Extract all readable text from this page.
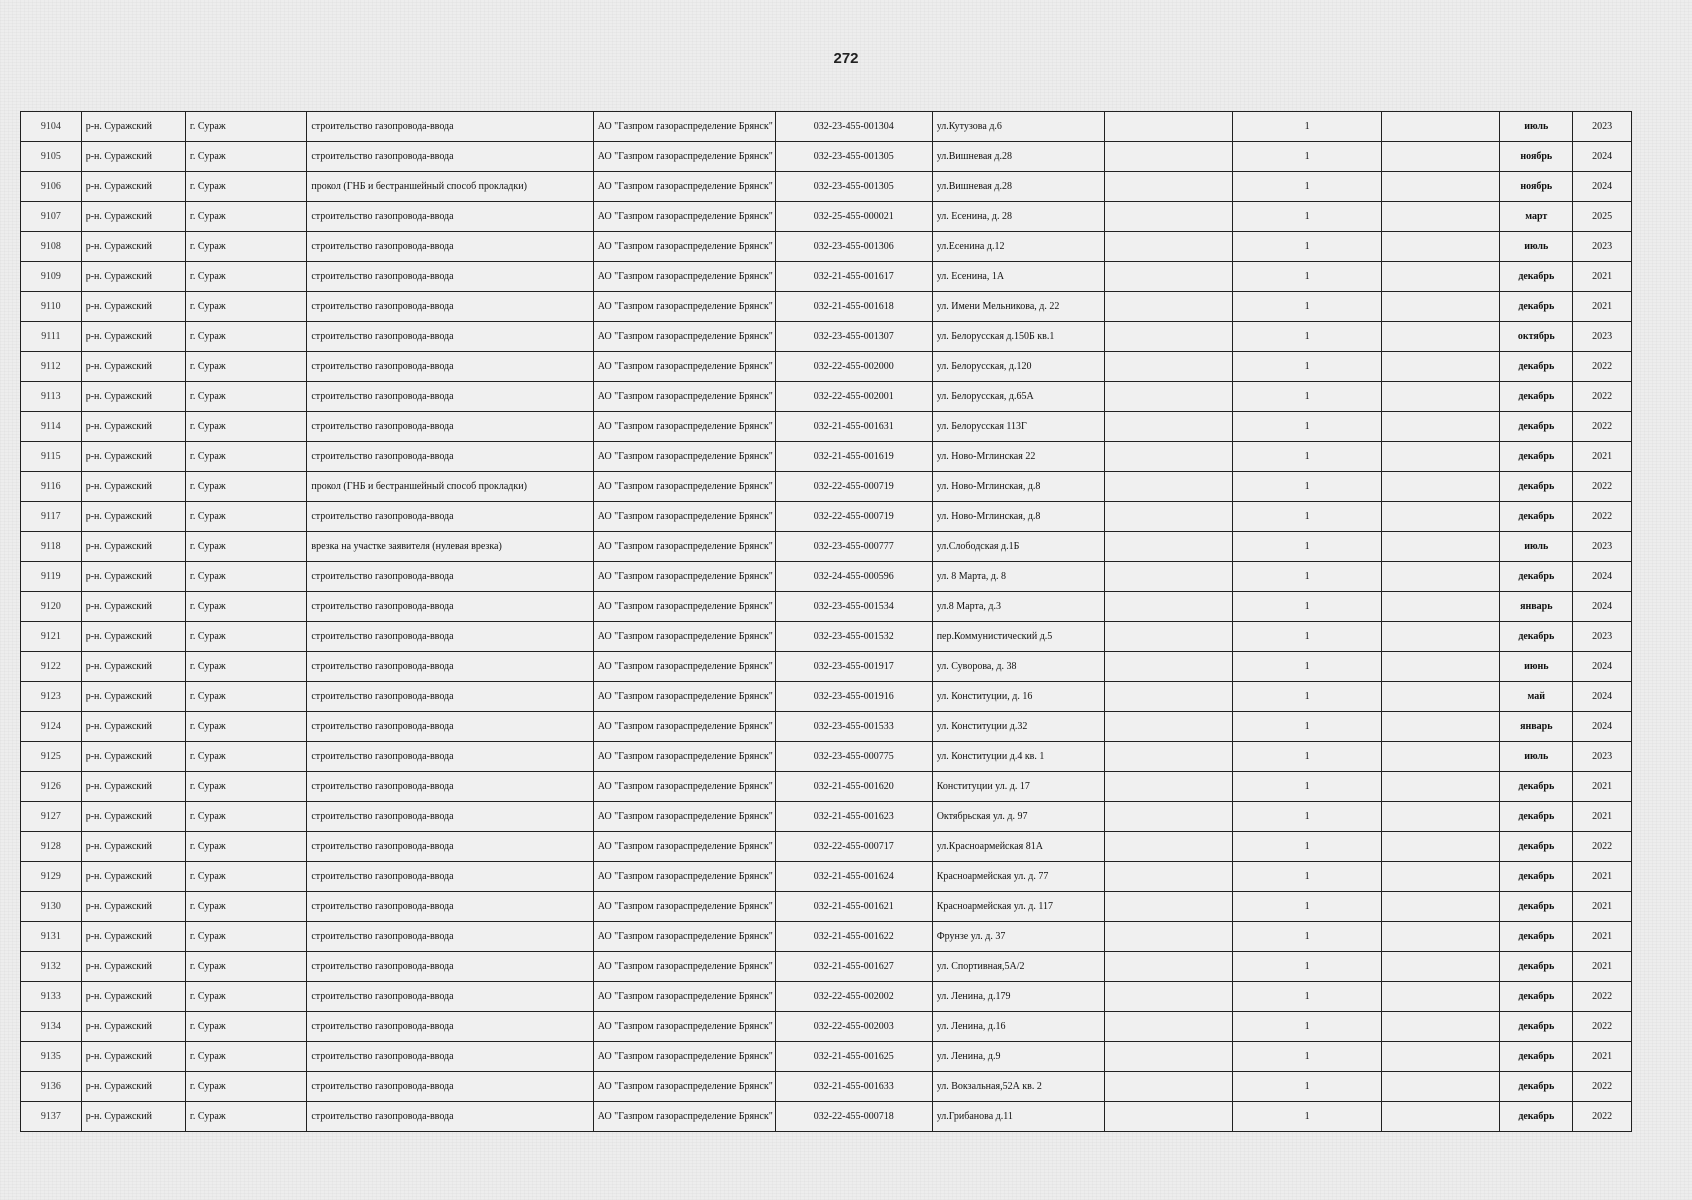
272
9104	р-н. Суражский	г. Сураж	строительство газопровода-ввода	АО "Газпром газораспределение Брянск"	032-23-455-001304	ул.Кутузова д.6		1		июль	2023
9105	р-н. Суражский	г. Сураж	строительство газопровода-ввода	АО "Газпром газораспределение Брянск"	032-23-455-001305	ул.Вишневая д.28		1		ноябрь	2024
9106	р-н. Суражский	г. Сураж	прокол (ГНБ и бестраншейный способ прокладки)	АО "Газпром газораспределение Брянск"	032-23-455-001305	ул.Вишневая д.28		1		ноябрь	2024
9107	р-н. Суражский	г. Сураж	строительство газопровода-ввода	АО "Газпром газораспределение Брянск"	032-25-455-000021	ул. Есенина, д. 28		1		март	2025
9108	р-н. Суражский	г. Сураж	строительство газопровода-ввода	АО "Газпром газораспределение Брянск"	032-23-455-001306	ул.Есенина д.12		1		июль	2023
9109	р-н. Суражский	г. Сураж	строительство газопровода-ввода	АО "Газпром газораспределение Брянск"	032-21-455-001617	ул. Есенина, 1А		1		декабрь	2021
9110	р-н. Суражский	г. Сураж	строительство газопровода-ввода	АО "Газпром газораспределение Брянск"	032-21-455-001618	ул. Имени Мельникова, д. 22		1		декабрь	2021
9111	р-н. Суражский	г. Сураж	строительство газопровода-ввода	АО "Газпром газораспределение Брянск"	032-23-455-001307	ул. Белорусская д.150Б кв.1		1		октябрь	2023
9112	р-н. Суражский	г. Сураж	строительство газопровода-ввода	АО "Газпром газораспределение Брянск"	032-22-455-002000	ул. Белорусская, д.120		1		декабрь	2022
9113	р-н. Суражский	г. Сураж	строительство газопровода-ввода	АО "Газпром газораспределение Брянск"	032-22-455-002001	ул. Белорусская, д.65А		1		декабрь	2022
9114	р-н. Суражский	г. Сураж	строительство газопровода-ввода	АО "Газпром газораспределение Брянск"	032-21-455-001631	ул. Белорусская 113Г		1		декабрь	2022
9115	р-н. Суражский	г. Сураж	строительство газопровода-ввода	АО "Газпром газораспределение Брянск"	032-21-455-001619	ул. Ново-Мглинская 22		1		декабрь	2021
9116	р-н. Суражский	г. Сураж	прокол (ГНБ и бестраншейный способ прокладки)	АО "Газпром газораспределение Брянск"	032-22-455-000719	ул. Ново-Мглинская, д.8		1		декабрь	2022
9117	р-н. Суражский	г. Сураж	строительство газопровода-ввода	АО "Газпром газораспределение Брянск"	032-22-455-000719	ул. Ново-Мглинская, д.8		1		декабрь	2022
9118	р-н. Суражский	г. Сураж	врезка на участке заявителя (нулевая врезка)	АО "Газпром газораспределение Брянск"	032-23-455-000777	ул.Слободская д.1Б		1		июль	2023
9119	р-н. Суражский	г. Сураж	строительство газопровода-ввода	АО "Газпром газораспределение Брянск"	032-24-455-000596	ул. 8 Марта, д. 8		1		декабрь	2024
9120	р-н. Суражский	г. Сураж	строительство газопровода-ввода	АО "Газпром газораспределение Брянск"	032-23-455-001534	ул.8 Марта, д.3		1		январь	2024
9121	р-н. Суражский	г. Сураж	строительство газопровода-ввода	АО "Газпром газораспределение Брянск"	032-23-455-001532	пер.Коммунистический д.5		1		декабрь	2023
9122	р-н. Суражский	г. Сураж	строительство газопровода-ввода	АО "Газпром газораспределение Брянск"	032-23-455-001917	ул. Суворова, д. 38		1		июнь	2024
9123	р-н. Суражский	г. Сураж	строительство газопровода-ввода	АО "Газпром газораспределение Брянск"	032-23-455-001916	ул. Конституции, д. 16		1		май	2024
9124	р-н. Суражский	г. Сураж	строительство газопровода-ввода	АО "Газпром газораспределение Брянск"	032-23-455-001533	ул. Конституции д.32		1		январь	2024
9125	р-н. Суражский	г. Сураж	строительство газопровода-ввода	АО "Газпром газораспределение Брянск"	032-23-455-000775	ул. Конституции д.4 кв. 1		1		июль	2023
9126	р-н. Суражский	г. Сураж	строительство газопровода-ввода	АО "Газпром газораспределение Брянск"	032-21-455-001620	Конституции ул. д. 17		1		декабрь	2021
9127	р-н. Суражский	г. Сураж	строительство газопровода-ввода	АО "Газпром газораспределение Брянск"	032-21-455-001623	Октябрьская ул. д. 97		1		декабрь	2021
9128	р-н. Суражский	г. Сураж	строительство газопровода-ввода	АО "Газпром газораспределение Брянск"	032-22-455-000717	ул.Красноармейская 81А		1		декабрь	2022
9129	р-н. Суражский	г. Сураж	строительство газопровода-ввода	АО "Газпром газораспределение Брянск"	032-21-455-001624	Красноармейская ул. д. 77		1		декабрь	2021
9130	р-н. Суражский	г. Сураж	строительство газопровода-ввода	АО "Газпром газораспределение Брянск"	032-21-455-001621	Красноармейская ул. д. 117		1		декабрь	2021
9131	р-н. Суражский	г. Сураж	строительство газопровода-ввода	АО "Газпром газораспределение Брянск"	032-21-455-001622	Фрунзе ул. д. 37		1		декабрь	2021
9132	р-н. Суражский	г. Сураж	строительство газопровода-ввода	АО "Газпром газораспределение Брянск"	032-21-455-001627	ул. Спортивная,5А/2		1		декабрь	2021
9133	р-н. Суражский	г. Сураж	строительство газопровода-ввода	АО "Газпром газораспределение Брянск"	032-22-455-002002	ул. Ленина, д.179		1		декабрь	2022
9134	р-н. Суражский	г. Сураж	строительство газопровода-ввода	АО "Газпром газораспределение Брянск"	032-22-455-002003	ул. Ленина, д.16		1		декабрь	2022
9135	р-н. Суражский	г. Сураж	строительство газопровода-ввода	АО "Газпром газораспределение Брянск"	032-21-455-001625	ул. Ленина, д.9		1		декабрь	2021
9136	р-н. Суражский	г. Сураж	строительство газопровода-ввода	АО "Газпром газораспределение Брянск"	032-21-455-001633	ул. Вокзальная,52А кв. 2		1		декабрь	2022
9137	р-н. Суражский	г. Сураж	строительство газопровода-ввода	АО "Газпром газораспределение Брянск"	032-22-455-000718	ул.Грибанова д.11		1		декабрь	2022
